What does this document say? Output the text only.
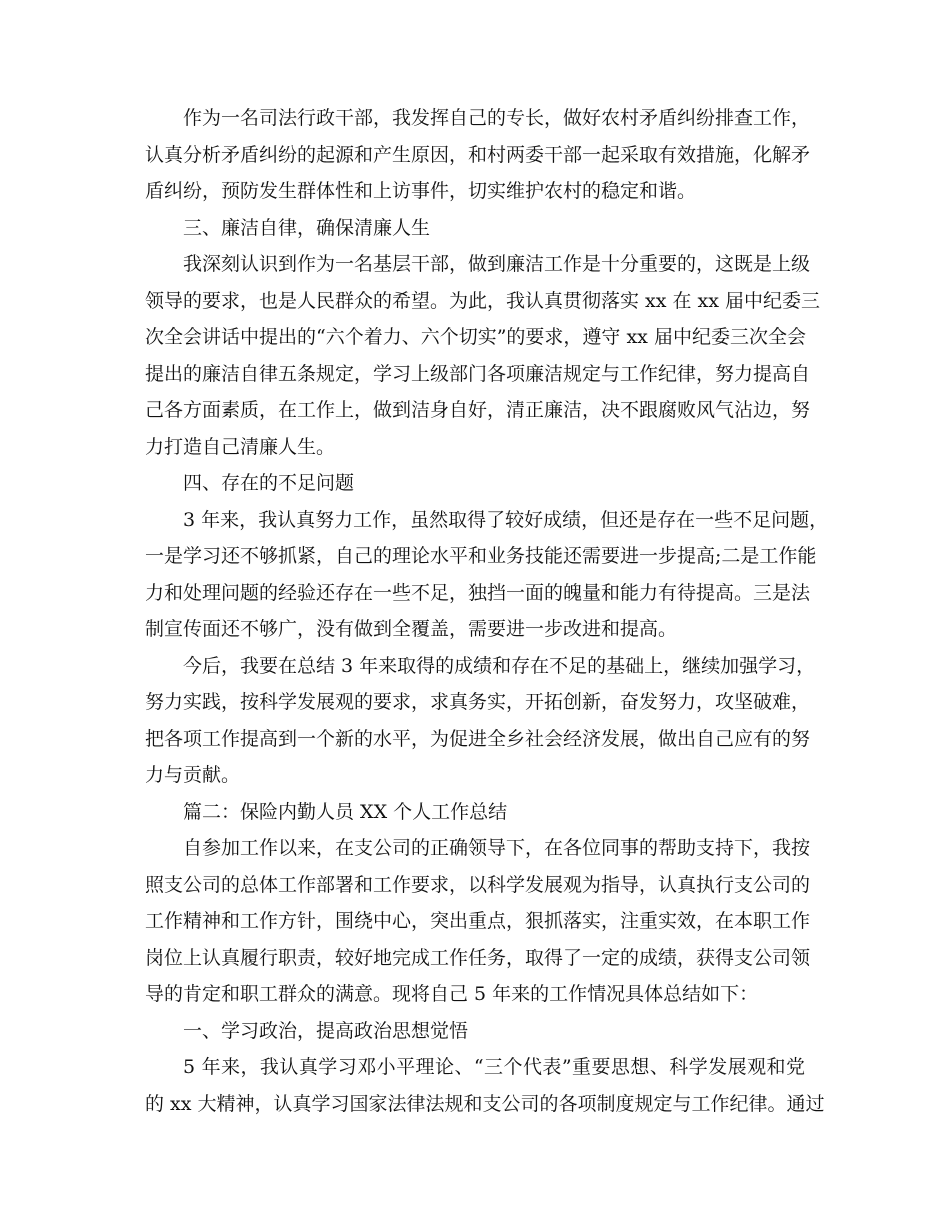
作为一名司法行政干部，我发挥自己的专长，做好农村矛盾纠纷排查工作，
认真分析矛盾纠纷的起源和产生原因，和村两委干部一起采取有效措施，化解矛
盾纠纷，预防发生群体性和上访事件，切实维护农村的稳定和谐。
三、廉洁自律，确保清廉人生
我深刻认识到作为一名基层干部，做到廉洁工作是十分重要的，这既是上级
领导的要求，也是人民群众的希望。为此，我认真贯彻落实 xx 在 xx 届中纪委三
次全会讲话中提出的“六个着力、六个切实”的要求，遵守 xx 届中纪委三次全会
提出的廉洁自律五条规定，学习上级部门各项廉洁规定与工作纪律，努力提高自
己各方面素质，在工作上，做到洁身自好，清正廉洁，决不跟腐败风气沾边，努
力打造自己清廉人生。
四、存在的不足问题
3 年来，我认真努力工作，虽然取得了较好成绩，但还是存在一些不足问题，
一是学习还不够抓紧，自己的理论水平和业务技能还需要进一步提高;二是工作能
力和处理问题的经验还存在一些不足，独挡一面的魄量和能力有待提高。三是法
制宣传面还不够广，没有做到全覆盖，需要进一步改进和提高。
今后，我要在总结 3 年来取得的成绩和存在不足的基础上，继续加强学习，
努力实践，按科学发展观的要求，求真务实，开拓创新，奋发努力，攻坚破难，
把各项工作提高到一个新的水平，为促进全乡社会经济发展，做出自己应有的努
力与贡献。
篇二：保险内勤人员 XX 个人工作总结
自参加工作以来，在支公司的正确领导下，在各位同事的帮助支持下，我按
照支公司的总体工作部署和工作要求，以科学发展观为指导，认真执行支公司的
工作精神和工作方针，围绕中心，突出重点，狠抓落实，注重实效，在本职工作
岗位上认真履行职责，较好地完成工作任务，取得了一定的成绩，获得支公司领
导的肯定和职工群众的满意。现将自己 5 年来的工作情况具体总结如下：
一、学习政治，提高政治思想觉悟
5 年来，我认真学习邓小平理论、“三个代表”重要思想、科学发展观和党
的 xx 大精神，认真学习国家法律法规和支公司的各项制度规定与工作纪律。通过
